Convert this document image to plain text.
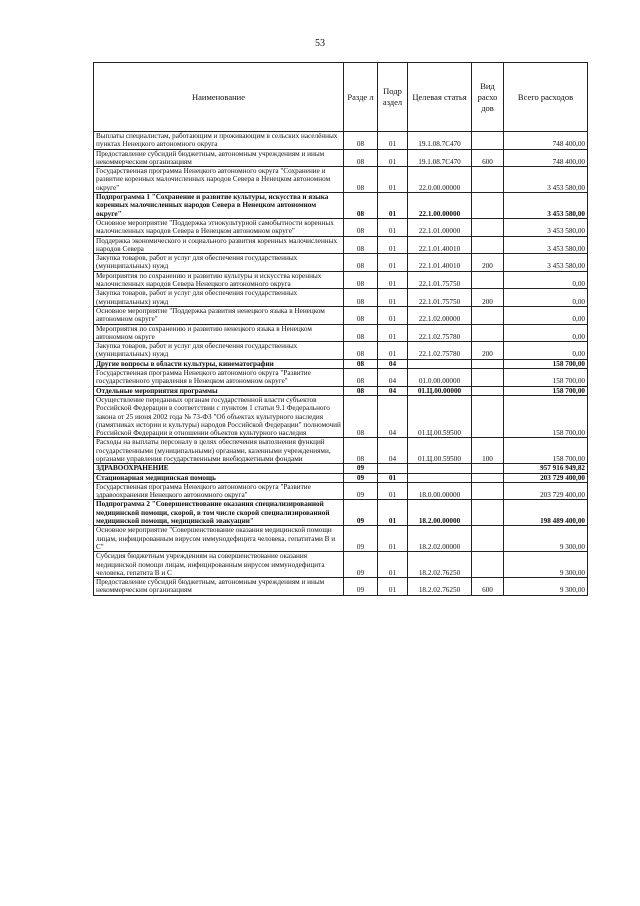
53
Наименование	Разде л	Подр аздел	Целевая статья	Вид расхо дов	Всего расходов
Выплаты специалистам, работающим и проживающим в сельских населённых пунктах Ненецкого автономного округа	08	01	19.1.08.7С470		748 400,00
Предоставление субсидий бюджетным, автономным учреждениям и иным некоммерческим организациям	08	01	19.1.08.7С470	600	748 400,00
Государственная программа Ненецкого автономного округа "Сохранение и развитие коренных малочисленных народов Севера в Ненецком автономном округе"	08	01	22.0.00.00000		3 453 580,00
Подпрограмма 1 "Сохранение и развитие культуры, искусства и языка коренных малочисленных народов Севера в Ненецком автономном округе"	08	01	22.1.00.00000		3 453 580,00
Основное мероприятие "Поддержка этнокультурной самобытности коренных малочисленных народов Севера в Ненецком автономном округе"	08	01	22.1.01.00000		3 453 580,00
Поддержка экономического и социального развития коренных малочисленных народов Севера	08	01	22.1.01.40010		3 453 580,00
Закупка товаров, работ и услуг для обеспечения государственных (муниципальных) нужд	08	01	22.1.01.40010	200	3 453 580,00
Мероприятия по сохранению и развитию культуры и искусства коренных малочисленных народов Севера Ненецкого автономного округа	08	01	22.1.01.75750		0,00
Закупка товаров, работ и услуг для обеспечения государственных (муниципальных) нужд	08	01	22.1.01.75750	200	0,00
Основное мероприятие "Поддержка развития ненецкого языка в Ненецком автономном округе"	08	01	22.1.02.00000		0,00
Мероприятия по сохранению и развитию ненецкого языка в Ненецком автономном округе	08	01	22.1.02.75780		0,00
Закупка товаров, работ и услуг для обеспечения государственных (муниципальных) нужд	08	01	22.1.02.75780	200	0,00
Другие вопросы в области культуры, кинематографии	08	04			158 700,00
Государственная программа Ненецкого автономного округа "Развитие государственного управления в Ненецком автономном округе"	08	04	01.0.00.00000		158 700,00
Отдельные мероприятия программы	08	04	01.Ц.00.00000		158 700,00
Осуществление переданных органам государственной власти субъектов Российской Федерации в соответствии с пунктом 1 статьи 9.1 Федерального закона от 25 июня 2002 года № 73-ФЗ "Об объектах культурного наследия (памятниках истории и культуры) народов Российской Федерации" полномочий Российской Федерации в отношении объектов культурного наследия	08	04	01.Ц.00.59500		158 700,00
Расходы на выплаты персоналу в целях обеспечения выполнения функций государственными (муниципальными) органами, казенными учреждениями, органами управления государственными внебюджетными фондами	08	04	01.Ц.00.59500	100	158 700,00
ЗДРАВООХРАНЕНИЕ	09				957 916 949,82
Стационарная медицинская помощь	09	01			203 729 400,00
Государственная программа Ненецкого автономного округа "Развитие здравоохранения Ненецкого автономного округа"	09	01	18.0.00.00000		203 729 400,00
Подпрограмма 2 "Совершенствование оказания специализированной медицинской помощи, скорой, в том числе скорой специализированной медицинской помощи, медицинской эвакуации"	09	01	18.2.00.00000		198 489 400,00
Основное мероприятие "Совершенствование оказания медицинской помощи лицам, инфицированным вирусом иммунодефицита человека, гепатитами В и С"	09	01	18.2.02.00000		9 300,00
Субсидия бюджетным учреждениям на совершенствование оказания медицинской помощи лицам, инфицированным вирусом иммунодефицита человека, гепатита В и С	09	01	18.2.02.76250		9 300,00
Предоставление субсидий бюджетным, автономным учреждениям и иным некоммерческим организациям	09	01	18.2.02.76250	600	9 300,00
